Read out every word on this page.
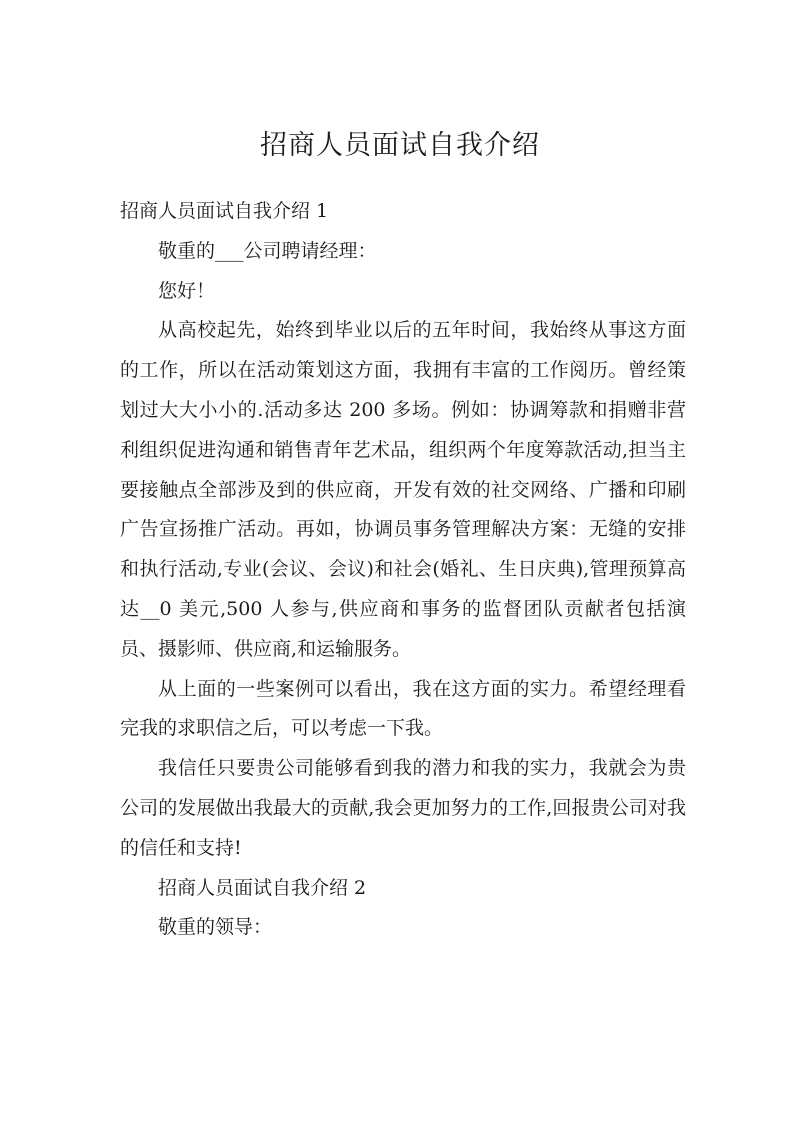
招商人员面试自我介绍

招商人员面试自我介绍 1

敬重的___公司聘请经理：

您好！

从高校起先，始终到毕业以后的五年时间，我始终从事这方面的工作，所以在活动策划这方面，我拥有丰富的工作阅历。曾经策划过大大小小的.活动多达 200 多场。例如：协调筹款和捐赠非营利组织促进沟通和销售青年艺术品，组织两个年度筹款活动,担当主要接触点全部涉及到的供应商，开发有效的社交网络、广播和印刷广告宣扬推广活动。再如，协调员事务管理解决方案：无缝的安排和执行活动,专业(会议、会议)和社会(婚礼、生日庆典),管理预算高达__0 美元,500 人参与,供应商和事务的监督团队贡献者包括演员、摄影师、供应商,和运输服务。

从上面的一些案例可以看出，我在这方面的实力。希望经理看完我的求职信之后，可以考虑一下我。

我信任只要贵公司能够看到我的潜力和我的实力，我就会为贵公司的发展做出我最大的贡献,我会更加努力的工作,回报贵公司对我的信任和支持!

招商人员面试自我介绍 2

敬重的领导：
